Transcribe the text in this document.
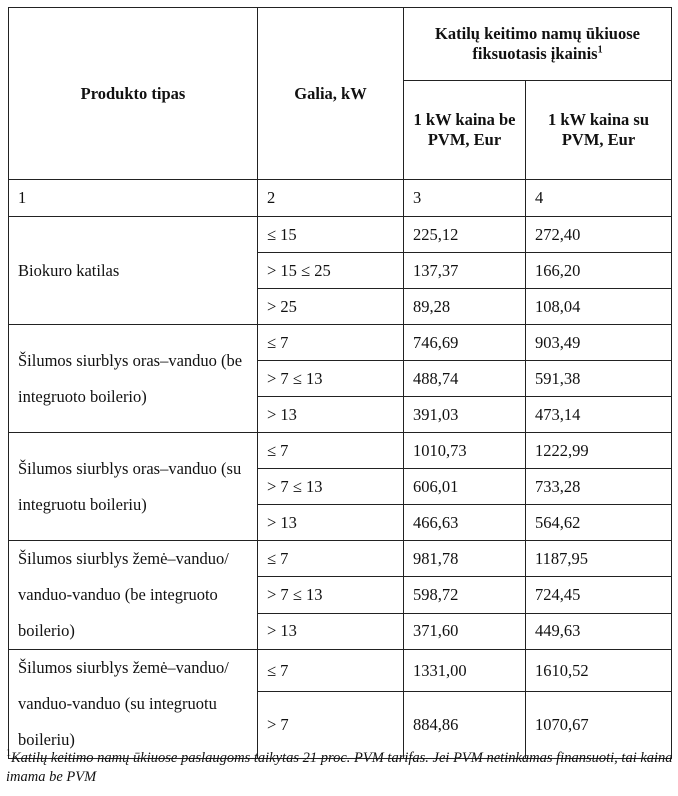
Produkto tipas	Galia, kW	Katilų keitimo namų ūkiuose fiksuotasis įkainis$^1$
		1 kW kaina be PVM, Eur	1 kW kaina su PVM, Eur
1	2	3	4
Biokuro katilas	≤ 15	225,12	272,40
	> 15 ≤ 25	137,37	166,20
	> 25	89,28	108,04
Šilumos siurblys oras–vanduo (be integruoto boilerio)	≤ 7	746,69	903,49
	> 7 ≤ 13	488,74	591,38
	> 13	391,03	473,14
Šilumos siurblys oras–vanduo (su integruotu boileriu)	≤ 7	1010,73	1222,99
	> 7 ≤ 13	606,01	733,28
	> 13	466,63	564,62
Šilumos siurblys žemė–vanduo/ vanduo-vanduo (be integruoto boilerio)	≤ 7	981,78	1187,95
	> 7 ≤ 13	598,72	724,45
	> 13	371,60	449,63
Šilumos siurblys žemė–vanduo/ vanduo-vanduo (su integruotu boileriu)	≤ 7	1331,00	1610,52
	> 7	884,86	1070,67
$^1$Katilų keitimo namų ūkiuose paslaugoms taikytas 21 proc. PVM tarifas. Jei PVM netinkamas finansuoti, tai kaina imama be PVM
